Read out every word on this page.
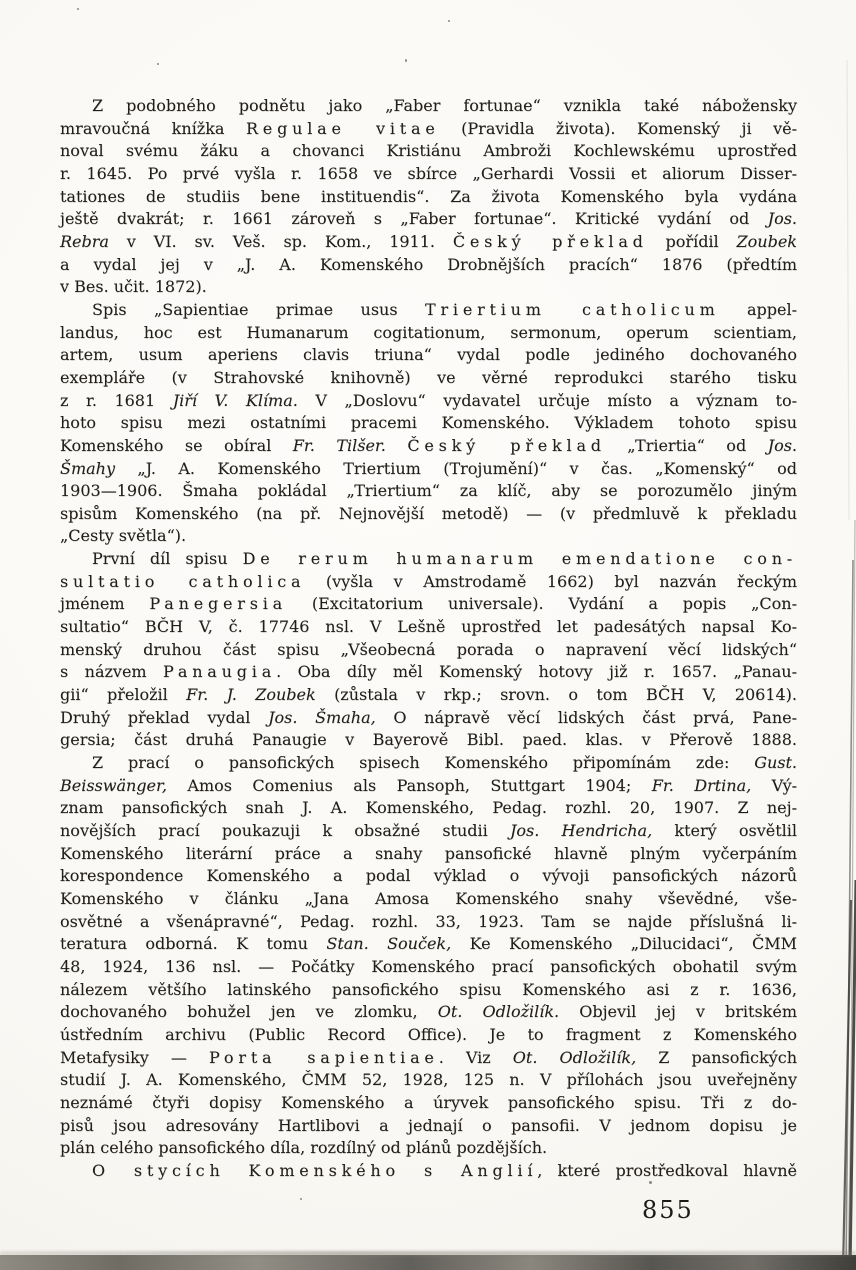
Z podobného podnětu jako „Faber fortunae“ vznikla také nábožensky
mravoučná knížka Regulae vitae (Pravidla života). Komenský ji vě-
noval svému žáku a chovanci Kristiánu Ambroži Kochlewskému uprostřed
r. 1645. Po prvé vyšla r. 1658 ve sbírce „Gerhardi Vossii et aliorum Disser-
tationes de studiis bene instituendis“. Za života Komenského byla vydána
ještě dvakrát; r. 1661 zároveň s „Faber fortunae“. Kritické vydání od Jos.
Rebra v VI. sv. Veš. sp. Kom., 1911. Český překlad pořídil Zoubek
a vydal jej v „J. A. Komenského Drobnějších pracích“ 1876 (předtím
v Bes. učit. 1872).
Spis „Sapientiae primae usus Triertium catholicum appel-
landus, hoc est Humanarum cogitationum, sermonum, operum scientiam,
artem, usum aperiens clavis triuna“ vydal podle jediného dochovaného
exempláře (v Strahovské knihovně) ve věrné reprodukci starého tisku
z r. 1681 Jiří V. Klíma. V „Doslovu“ vydavatel určuje místo a význam to-
hoto spisu mezi ostatními pracemi Komenského. Výkladem tohoto spisu
Komenského se obíral Fr. Tilšer. Český překlad „Triertia“ od Jos.
Šmahy „J. A. Komenského Triertium (Trojumění)“ v čas. „Komenský“ od
1903—1906. Šmaha pokládal „Triertium“ za klíč, aby se porozumělo jiným
spisům Komenského (na př. Nejnovější metodě) — (v předmluvě k překladu
„Cesty světla“).
První díl spisu De rerum humanarum emendatione con-
sultatio catholica (vyšla v Amstrodamě 1662) byl nazván řeckým
jménem Panegersia (Excitatorium universale). Vydání a popis „Con-
sultatio“ BČH V, č. 17746 nsl. V Lešně uprostřed let padesátých napsal Ko-
menský druhou část spisu „Všeobecná porada o napravení věcí lidských“
s názvem Panaugia. Oba díly měl Komenský hotovy již r. 1657. „Panau-
gii“ přeložil Fr. J. Zoubek (zůstala v rkp.; srovn. o tom BČH V, 20614).
Druhý překlad vydal Jos. Šmaha, O nápravě věcí lidských část prvá, Pane-
gersia; část druhá Panaugie v Bayerově Bibl. paed. klas. v Přerově 1888.
Z prací o pansofických spisech Komenského připomínám zde: Gust.
Beisswänger, Amos Comenius als Pansoph, Stuttgart 1904; Fr. Drtina, Vý-
znam pansofických snah J. A. Komenského, Pedag. rozhl. 20, 1907. Z nej-
novějších prací poukazuji k obsažné studii Jos. Hendricha, který osvětlil
Komenského literární práce a snahy pansofické hlavně plným vyčerpáním
korespondence Komenského a podal výklad o vývoji pansofických názorů
Komenského v článku „Jana Amosa Komenského snahy vševědné, vše-
osvětné a všenápravné“, Pedag. rozhl. 33, 1923. Tam se najde příslušná li-
teratura odborná. K tomu Stan. Souček, Ke Komenského „Dilucidaci“, ČMM
48, 1924, 136 nsl. — Počátky Komenského prací pansofických obohatil svým
nálezem většího latinského pansofického spisu Komenského asi z r. 1636,
dochovaného bohužel jen ve zlomku, Ot. Odložilík. Objevil jej v britském
ústředním archivu (Public Record Office). Je to fragment z Komenského
Metafysiky — Porta sapientiae. Viz Ot. Odložilík, Z pansofických
studií J. A. Komenského, ČMM 52, 1928, 125 n. V přílohách jsou uveřejněny
neznámé čtyři dopisy Komenského a úryvek pansofického spisu. Tři z do-
pisů jsou adresovány Hartlibovi a jednají o pansofii. V jednom dopisu je
plán celého pansofického díla, rozdílný od plánů pozdějších.
O stycích Komenského s Anglií, které prostředkoval hlavně
855
